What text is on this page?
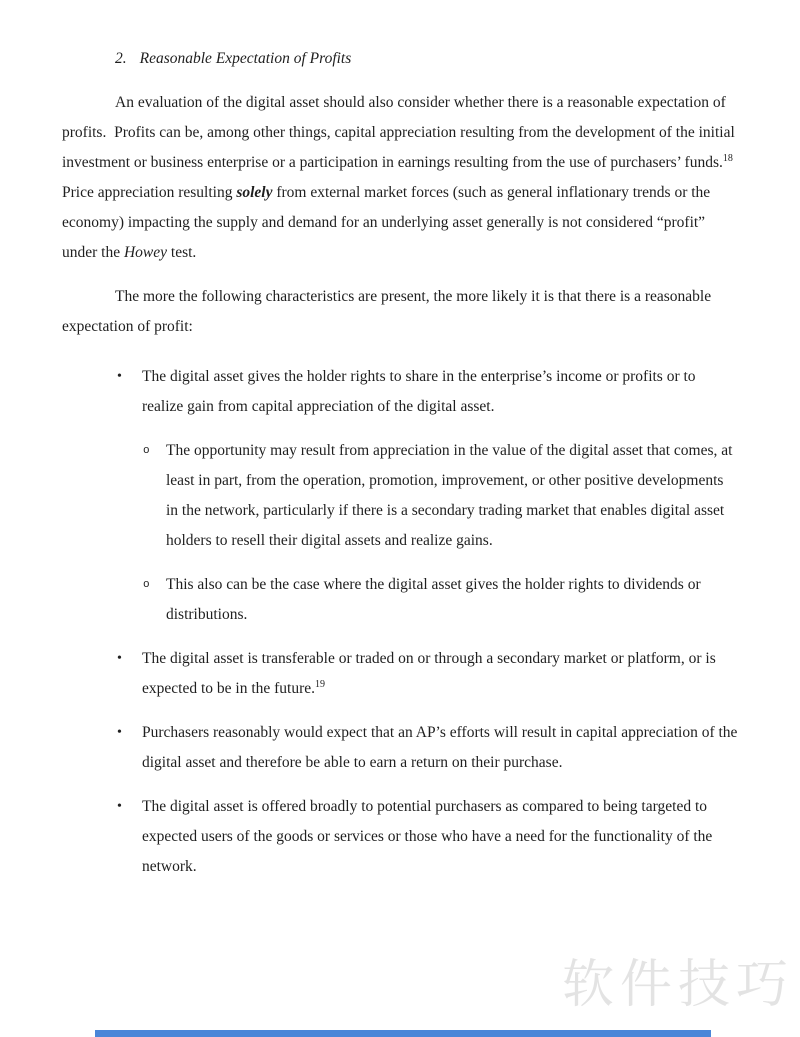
2. Reasonable Expectation of Profits
An evaluation of the digital asset should also consider whether there is a reasonable expectation of profits.  Profits can be, among other things, capital appreciation resulting from the development of the initial investment or business enterprise or a participation in earnings resulting from the use of purchasers’ funds.$^{18}$  Price appreciation resulting solely from external market forces (such as general inflationary trends or the economy) impacting the supply and demand for an underlying asset generally is not considered “profit” under the Howey test.
The more the following characteristics are present, the more likely it is that there is a reasonable expectation of profit:
•	The digital asset gives the holder rights to share in the enterprise’s income or profits or to realize gain from capital appreciation of the digital asset.
o	The opportunity may result from appreciation in the value of the digital asset that comes, at least in part, from the operation, promotion, improvement, or other positive developments in the network, particularly if there is a secondary trading market that enables digital asset holders to resell their digital assets and realize gains.
o	This also can be the case where the digital asset gives the holder rights to dividends or distributions.
•	The digital asset is transferable or traded on or through a secondary market or platform, or is expected to be in the future.$^{19}$
•	Purchasers reasonably would expect that an AP’s efforts will result in capital appreciation of the digital asset and therefore be able to earn a return on their purchase.
•	The digital asset is offered broadly to potential purchasers as compared to being targeted to expected users of the goods or services or those who have a need for the functionality of the network.
软件技巧
